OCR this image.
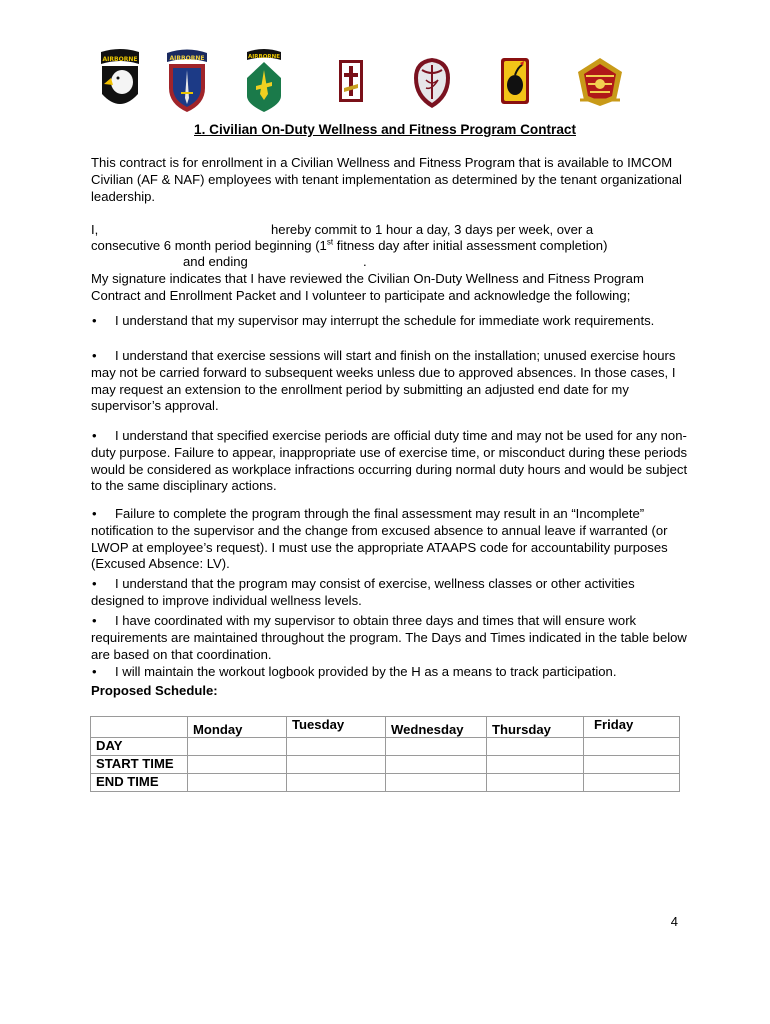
AIRBORNE	AIRBORNE	AIRBORNE
1. Civilian On-Duty Wellness and Fitness Program Contract

This contract is for enrollment in a Civilian Wellness and Fitness Program that is available to IMCOM Civilian (AF & NAF) employees with tenant implementation as determined by the tenant organizational leadership.

I,	hereby commit to 1 hour a day, 3 days per week, over a
consecutive 6 month period beginning (1st fitness day after initial assessment completion)
and ending	.

My signature indicates that I have reviewed the Civilian On-Duty Wellness and Fitness Program Contract and Enrollment Packet and I volunteer to participate and acknowledge the following;

• I understand that my supervisor may interrupt the schedule for immediate work requirements.

• I understand that exercise sessions will start and finish on the installation; unused exercise hours may not be carried forward to subsequent weeks unless due to approved absences. In those cases, I may request an extension to the enrollment period by submitting an adjusted end date for my supervisor’s approval.

• I understand that specified exercise periods are official duty time and may not be used for any non-duty purpose. Failure to appear, inappropriate use of exercise time, or misconduct during these periods would be considered as workplace infractions occurring during normal duty hours and would be subject to the same disciplinary actions.

• Failure to complete the program through the final assessment may result in an “Incomplete” notification to the supervisor and the change from excused absence to annual leave if warranted (or LWOP at employee’s request). I must use the appropriate ATAAPS code for accountability purposes (Excused Absence: LV).

• I understand that the program may consist of exercise, wellness classes or other activities designed to improve individual wellness levels.

• I have coordinated with my supervisor to obtain three days and times that will ensure work requirements are maintained throughout the program. The Days and Times indicated in the table below are based on that coordination.

• I will maintain the workout logbook provided by the H as a means to track participation.

Proposed Schedule:
	Monday	Tuesday	Wednesday	Thursday	Friday
DAY					
START TIME					
END TIME					
4
